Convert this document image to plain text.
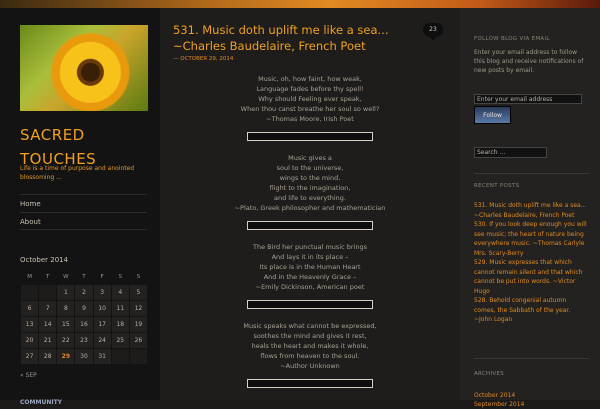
SACRED
TOUCHES
Life is a time of purpose and anointed blossoming ...
Home
About
October 2014
M	T	W	T	F	S	S
		1	2	3	4	5
6	7	8	9	10	11	12
13	14	15	16	17	18	19
20	21	22	23	24	25	26
27	28	29	30	31		
« SEP
COMMUNITY
531. Music doth uplift me like a sea... ~Charles Baudelaire, French Poet
23
— OCTOBER 29, 2014
Music, oh, how faint, how weak,
Language fades before thy spell!
Why should Feeling ever speak,
When thou canst breathe her soul so well?
~Thomas Moore, Irish Poet
Music gives a
soul to the universe,
wings to the mind,
flight to the imagination,
and life to everything.
~Plato, Greek philosopher and mathematician
The Bird her punctual music brings
And lays it in its place –
Its place is in the Human Heart
And in the Heavenly Grace –
~Emily Dickinson, American poet
Music speaks what cannot be expressed,
soothes the mind and gives it rest,
heals the heart and makes it whole,
flows from heaven to the soul.
~Author Unknown
FOLLOW BLOG VIA EMAIL
Enter your email address to follow this blog and receive notifications of new posts by email.
Enter your email address
Follow
Search ...
RECENT POSTS
531. Music doth uplift me like a sea... ~Charles Baudelaire, French Poet
530. If you look deep enough you will see music; the heart of nature being everywhere music. ~Thomas Carlyle
Mrs. Scary-Berry
529. Music expresses that which cannot remain silent and that which cannot be put into words. ~Victor Hugo
528. Behold congenial autumn comes, the Sabbath of the year. ~John Logan
ARCHIVES
October 2014
September 2014
